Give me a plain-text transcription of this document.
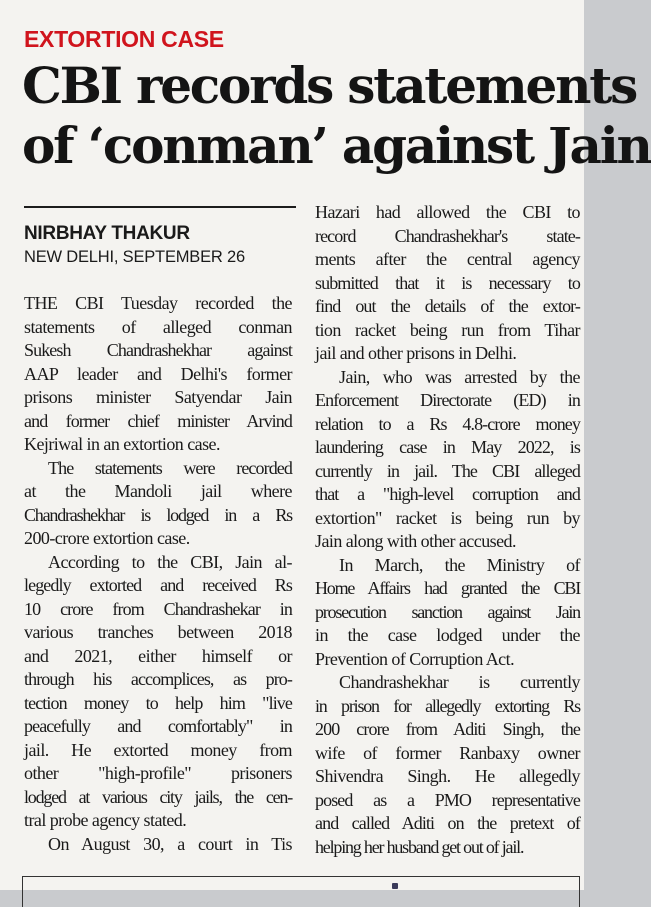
EXTORTION CASE

CBI records statements
of ‘conman’ against Jain

NIRBHAY THAKUR

NEW DELHI, SEPTEMBER 26

THE CBI Tuesday recorded the
statements of alleged conman
Sukesh Chandrashekhar against
AAP leader and Delhi's former
prisons minister Satyendar Jain
and former chief minister Arvind
Kejriwal in an extortion case.
The statements were recorded
at the Mandoli jail where
Chandrashekhar is lodged in a Rs
200-crore extortion case.
According to the CBI, Jain al-
legedly extorted and received Rs
10 crore from Chandrashekar in
various tranches between 2018
and 2021, either himself or
through his accomplices, as pro-
tection money to help him "live
peacefully and comfortably" in
jail. He extorted money from
other "high-profile" prisoners
lodged at various city jails, the cen-
tral probe agency stated.
On August 30, a court in Tis
Hazari had allowed the CBI to
record Chandrashekhar's state-
ments after the central agency
submitted that it is necessary to
find out the details of the extor-
tion racket being run from Tihar
jail and other prisons in Delhi.
Jain, who was arrested by the
Enforcement Directorate (ED) in
relation to a Rs 4.8-crore money
laundering case in May 2022, is
currently in jail. The CBI alleged
that a "high-level corruption and
extortion" racket is being run by
Jain along with other accused.
In March, the Ministry of
Home Affairs had granted the CBI
prosecution sanction against Jain
in the case lodged under the
Prevention of Corruption Act.
Chandrashekhar is currently
in prison for allegedly extorting Rs
200 crore from Aditi Singh, the
wife of former Ranbaxy owner
Shivendra Singh. He allegedly
posed as a PMO representative
and called Aditi on the pretext of
helping her husband get out of jail.
